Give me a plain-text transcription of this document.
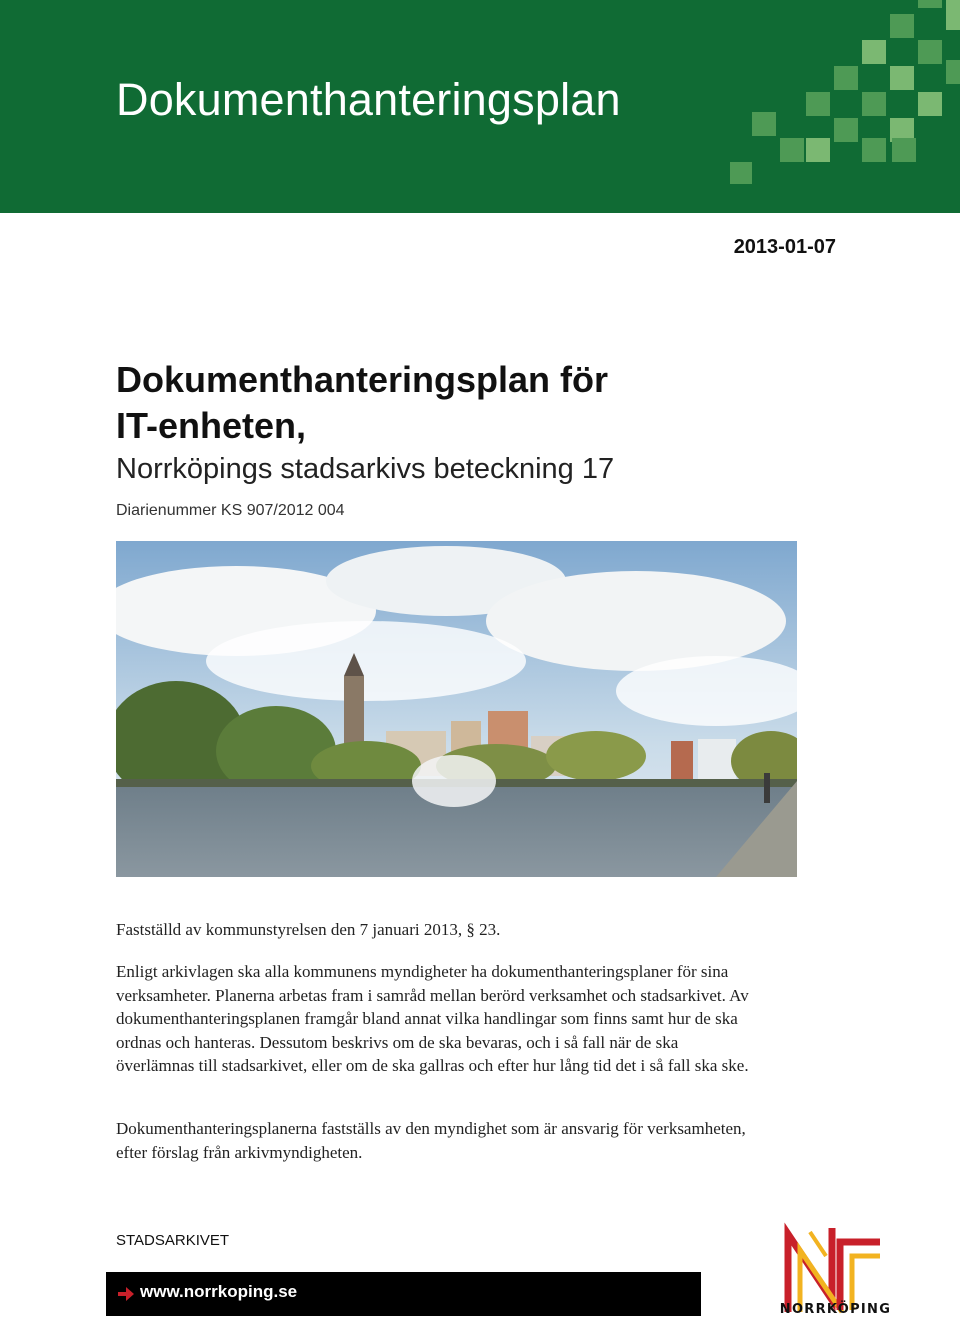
Dokumenthanteringsplan
2013-01-07
Dokumenthanteringsplan för
IT-enheten,
Norrköpings stadsarkivs beteckning 17
Diarienummer KS 907/2012 004

Fastställd av kommunstyrelsen den 7 januari 2013, § 23.

Enligt arkivlagen ska alla kommunens myndigheter ha dokumenthanteringsplaner för sina verksamheter. Planerna arbetas fram i samråd mellan berörd verksamhet och stadsarkivet. Av dokumenthanteringsplanen framgår bland annat vilka handlingar som finns samt hur de ska ordnas och hanteras. Dessutom beskrivs om de ska bevaras, och i så fall när de ska överlämnas till stadsarkivet, eller om de ska gallras och efter hur lång tid det i så fall ska ske.

Dokumenthanteringsplanerna fastställs av den myndighet som är ansvarig för verksamheten, efter förslag från arkivmyndigheten.

STADSARKIVET
www.norrkoping.se
NORRKÖPING
